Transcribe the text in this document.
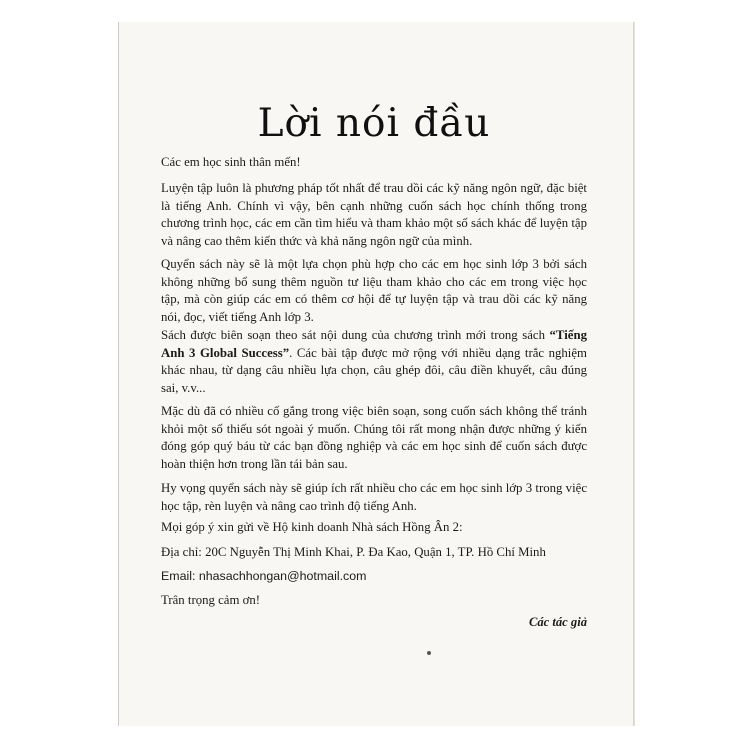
Lời nói đầu

Các em học sinh thân mến!

Luyện tập luôn là phương pháp tốt nhất để trau dồi các kỹ năng ngôn ngữ, đặc biệt là tiếng Anh. Chính vì vậy, bên cạnh những cuốn sách học chính thống trong chương trình học, các em cần tìm hiểu và tham khảo một số sách khác để luyện tập và nâng cao thêm kiến thức và khả năng ngôn ngữ của mình.

Quyển sách này sẽ là một lựa chọn phù hợp cho các em học sinh lớp 3 bởi sách không những bổ sung thêm nguồn tư liệu tham khảo cho các em trong việc học tập, mà còn giúp các em có thêm cơ hội để tự luyện tập và trau dồi các kỹ năng nói, đọc, viết tiếng Anh lớp 3.

Sách được biên soạn theo sát nội dung của chương trình mới trong sách “Tiếng Anh 3 Global Success”. Các bài tập được mở rộng với nhiều dạng trắc nghiệm khác nhau, từ dạng câu nhiều lựa chọn, câu ghép đôi, câu điền khuyết, câu đúng sai, v.v...

Mặc dù đã có nhiều cố gắng trong việc biên soạn, song cuốn sách không thể tránh khỏi một số thiếu sót ngoài ý muốn. Chúng tôi rất mong nhận được những ý kiến đóng góp quý báu từ các bạn đồng nghiệp và các em học sinh để cuốn sách được hoàn thiện hơn trong lần tái bản sau.

Hy vọng quyển sách này sẽ giúp ích rất nhiều cho các em học sinh lớp 3 trong việc học tập, rèn luyện và nâng cao trình độ tiếng Anh.

Mọi góp ý xin gửi về Hộ kinh doanh Nhà sách Hồng Ân 2:

Địa chỉ: 20C Nguyễn Thị Minh Khai, P. Đa Kao, Quận 1, TP. Hồ Chí Minh

Email: nhasachhongan@hotmail.com

Trân trọng cảm ơn!

Các tác giả
